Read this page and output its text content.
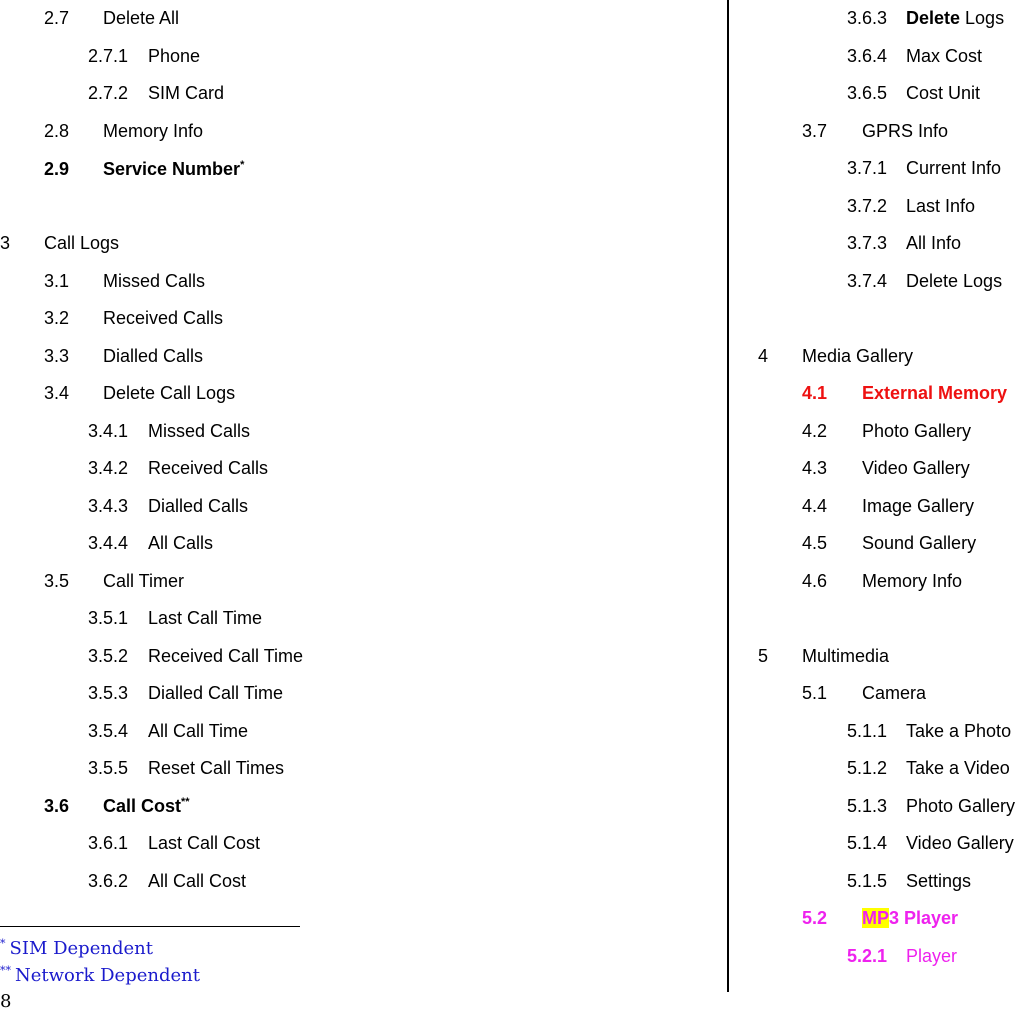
2.7 Delete All
2.7.1 Phone
2.7.2 SIM Card
2.8 Memory Info
2.9 Service Number*
3 Call Logs
3.1 Missed Calls
3.2 Received Calls
3.3 Dialled Calls
3.4 Delete Call Logs
3.4.1 Missed Calls
3.4.2 Received Calls
3.4.3 Dialled Calls
3.4.4 All Calls
3.5 Call Timer
3.5.1 Last Call Time
3.5.2 Received Call Time
3.5.3 Dialled Call Time
3.5.4 All Call Time
3.5.5 Reset Call Times
3.6 Call Cost**
3.6.1 Last Call Cost
3.6.2 All Call Cost
3.6.3 Delete Logs
3.6.4 Max Cost
3.6.5 Cost Unit
3.7 GPRS Info
3.7.1 Current Info
3.7.2 Last Info
3.7.3 All Info
3.7.4 Delete Logs
4 Media Gallery
4.1 External Memory
4.2 Photo Gallery
4.3 Video Gallery
4.4 Image Gallery
4.5 Sound Gallery
4.6 Memory Info
5 Multimedia
5.1 Camera
5.1.1 Take a Photo
5.1.2 Take a Video
5.1.3 Photo Gallery
5.1.4 Video Gallery
5.1.5 Settings
5.2 MP3 Player
5.2.1 Player
* SIM Dependent
** Network Dependent
8
